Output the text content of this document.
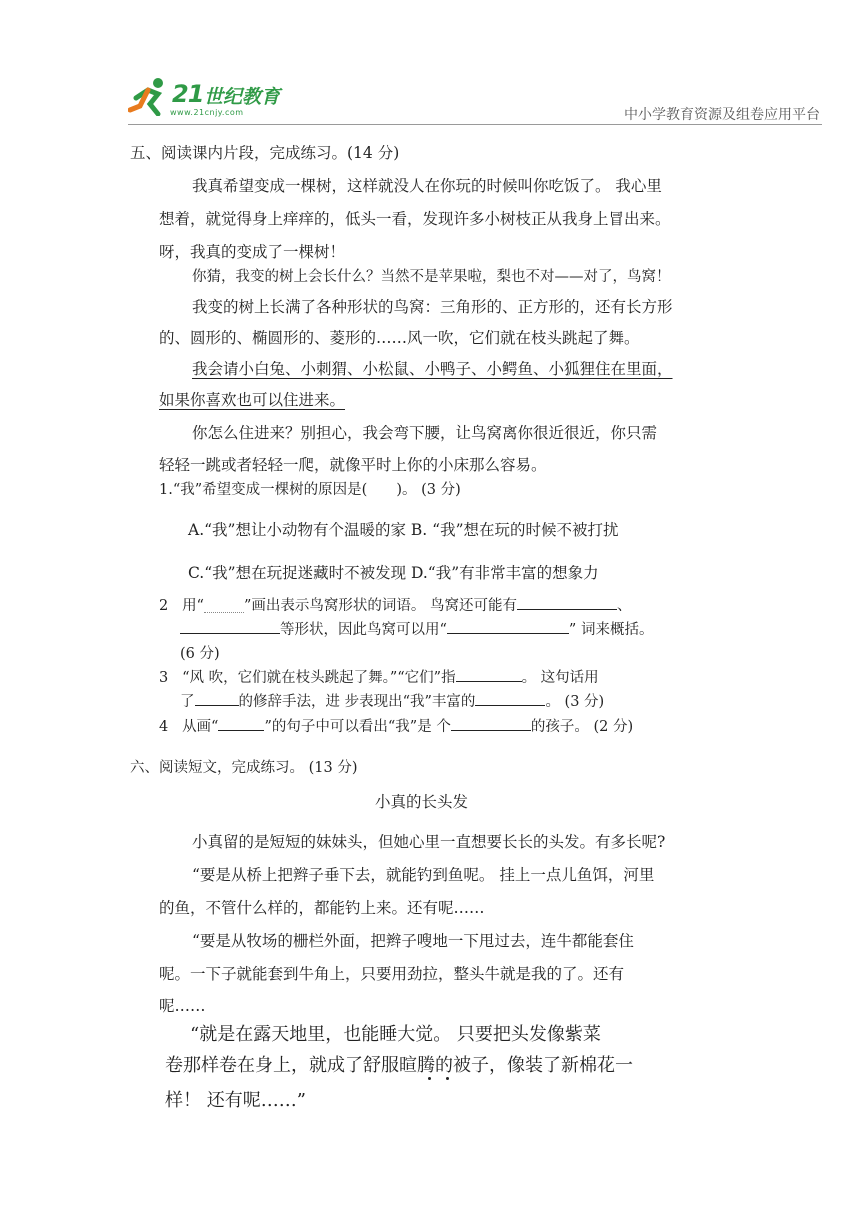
21 世纪教育
www.21cnjy.com	中小学教育资源及组卷应用平台
五、阅读课内片段，完成练习。(14 分)
我真希望变成一棵树，这样就没人在你玩的时候叫你吃饭了。 我心里
想着，就觉得身上痒痒的，低头一看，发现许多小树枝正从我身上冒出来。
呀，我真的变成了一棵树！
你猜，我变的树上会长什么？当然不是苹果啦，梨也不对——对了，鸟窝！
我变的树上长满了各种形状的鸟窝：三角形的、正方形的，还有长方形
的、圆形的、椭圆形的、菱形的……风一吹，它们就在枝头跳起了舞。
我会请小白兔、小刺猬、小松鼠、小鸭子、小鳄鱼、小狐狸住在里面，
如果你喜欢也可以住进来。
你怎么住进来？别担心，我会弯下腰，让鸟窝离你很近很近，你只需
轻轻一跳或者轻轻一爬，就像平时上你的小床那么容易。
1.“我”希望变成一棵树的原因是(　　)。 (3 分)
A.“我”想让小动物有个温暖的家 B. “我”想在玩的时候不被打扰
C.“我”想在玩捉迷藏时不被发现 D.“我”有非常丰富的想象力
2 用“	”画出表示鸟窝形状的词语。 鸟窝还可能有	、
等形状，因此鸟窝可以用“	” 词来概括。
(6 分)
3 “风 吹，它们就在枝头跳起了舞。”“它们”指	。 这句话用
了	的修辞手法，进 步表现出“我”丰富的	。 (3 分)
4 从画“	”的句子中可以看出“我”是 个	的孩子。 (2 分)
六、阅读短文，完成练习。 (13 分)
小真的长头发
小真留的是短短的妹妹头，但她心里一直想要长长的头发。有多长呢?
“要是从桥上把辫子垂下去，就能钓到鱼呢。 挂上一点儿鱼饵，河里
的鱼，不管什么样的，都能钓上来。还有呢……
“要是从牧场的栅栏外面，把辫子嗖地一下甩过去，连牛都能套住
呢。一下子就能套到牛角上，只要用劲拉，整头牛就是我的了。还有
呢……
“就是在露天地里，也能睡大觉。 只要把头发像紫菜
卷那样卷在身上，就成了舒服暄腾的被子，像装了新棉花一
样！ 还有呢……”
